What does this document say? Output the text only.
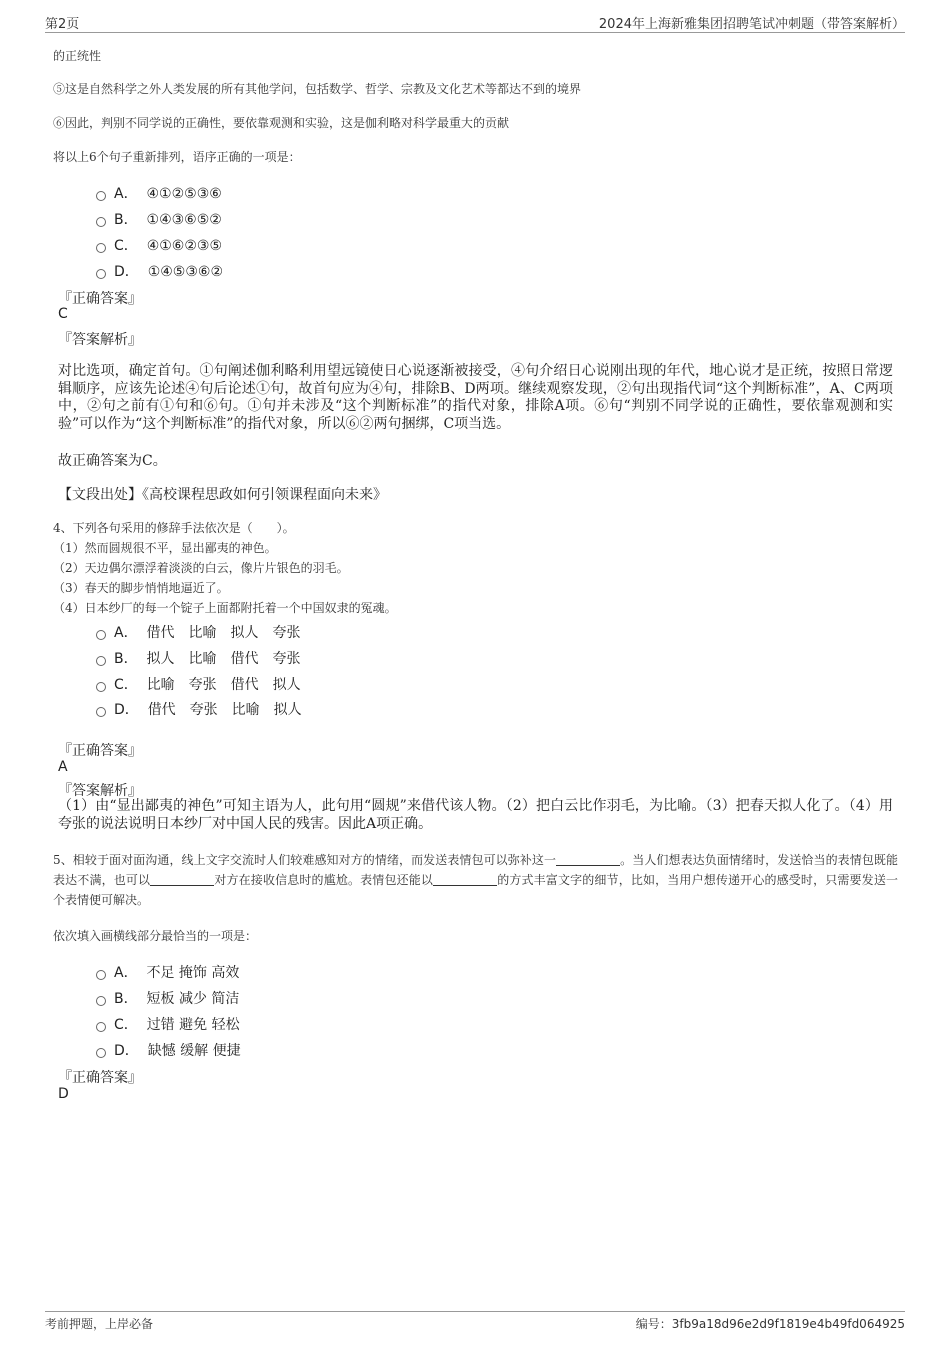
第2页	2024年上海新雅集团招聘笔试冲刺题（带答案解析）
的正统性
⑤这是自然科学之外人类发展的所有其他学问，包括数学、哲学、宗教及文化艺术等都达不到的境界
⑥因此，判别不同学说的正确性，要依靠观测和实验，这是伽利略对科学最重大的贡献
将以上6个句子重新排列，语序正确的一项是：
A． ④①②⑤③⑥
B． ①④③⑥⑤②
C． ④①⑥②③⑤
D． ①④⑤③⑥②
『正确答案』
C
『答案解析』
对比选项，确定首句。①句阐述伽利略利用望远镜使日心说逐渐被接受，④句介绍日心说刚出现的年代，地心说才是正统，按照日常逻辑顺序，应该先论述④句后论述①句，故首句应为④句，排除B、D两项。继续观察发现，②句出现指代词“这个判断标准”，A、C两项中，②句之前有①句和⑥句。①句并未涉及“这个判断标准”的指代对象，排除A项。⑥句“判别不同学说的正确性，要依靠观测和实验”可以作为“这个判断标准”的指代对象，所以⑥②两句捆绑，C项当选。
故正确答案为C。
【文段出处】《高校课程思政如何引领课程面向未来》
4、下列各句采用的修辞手法依次是（　　）。
（1）然而圆规很不平，显出鄙夷的神色。
（2）天边偶尔漂浮着淡淡的白云，像片片银色的羽毛。
（3）春天的脚步悄悄地逼近了。
（4）日本纱厂的每一个锭子上面都附托着一个中国奴隶的冤魂。
A． 借代　比喻　拟人　夸张
B． 拟人　比喻　借代　夸张
C． 比喻　夸张　借代　拟人
D． 借代　夸张　比喻　拟人
『正确答案』
A
『答案解析』
（1）由“显出鄙夷的神色”可知主语为人，此句用“圆规”来借代该人物。（2）把白云比作羽毛，为比喻。（3）把春天拟人化了。（4）用夸张的说法说明日本纱厂对中国人民的残害。因此A项正确。
5、相较于面对面沟通，线上文字交流时人们较难感知对方的情绪，而发送表情包可以弥补这一	。当人们想表达负面情绪时，发送恰当的表情包既能表达不满，也可以	对方在接收信息时的尴尬。表情包还能以	的方式丰富文字的细节，比如，当用户想传递开心的感受时，只需要发送一个表情便可解决。
依次填入画横线部分最恰当的一项是：
A． 不足 掩饰 高效
B． 短板 减少 简洁
C． 过错 避免 轻松
D． 缺憾 缓解 便捷
『正确答案』
D
考前押题，上岸必备	编号：3fb9a18d96e2d9f1819e4b49fd064925
